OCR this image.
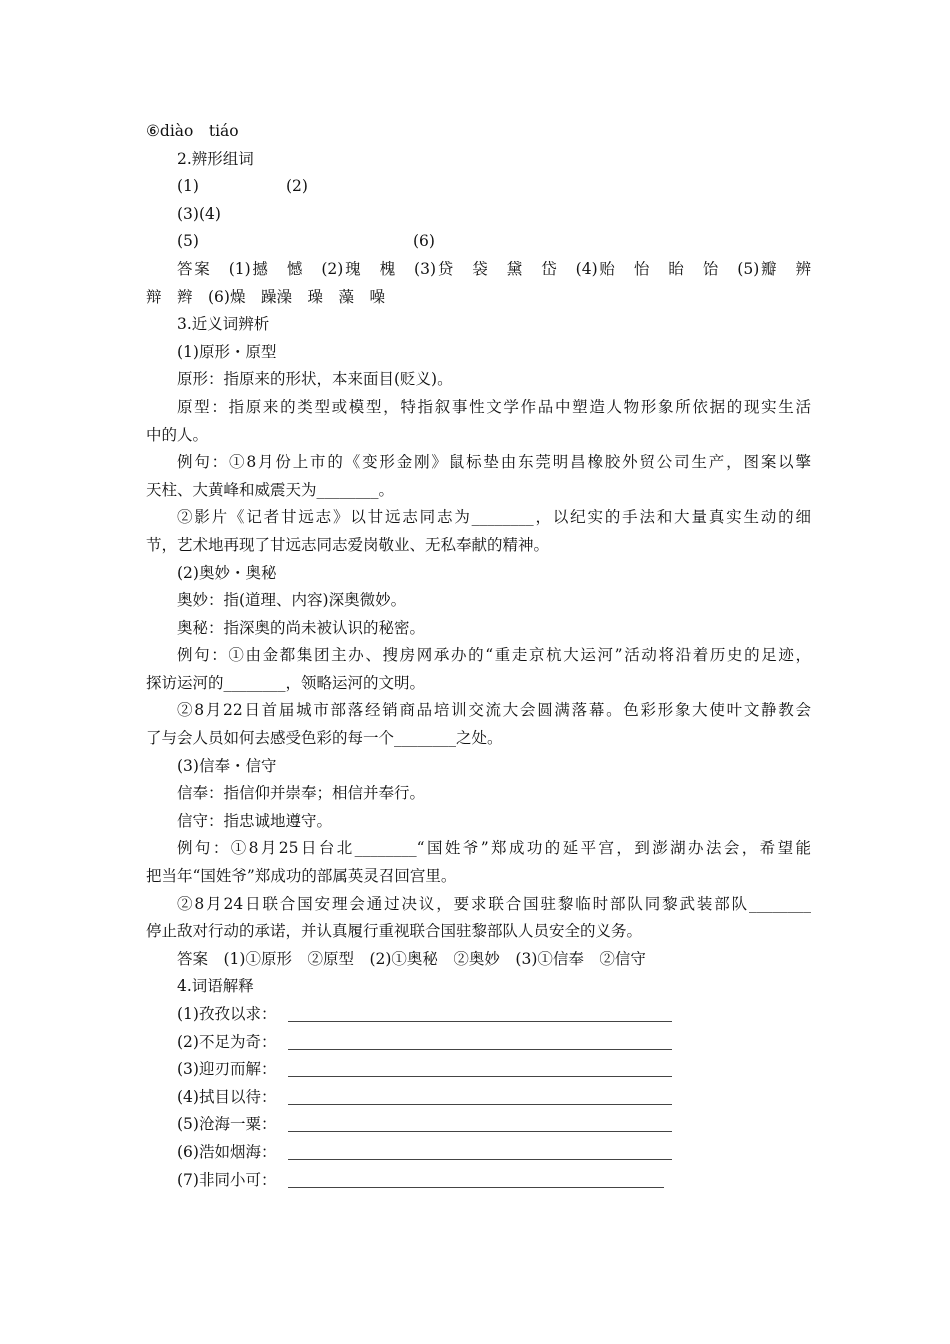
⑥diào　tiáo
2.辨形组词
(1)	(2)
(3)(4)
(5)	(6)
答案　(1)撼　憾　(2)瑰　槐　(3)贷　袋　黛　岱　(4)贻　怡　眙　饴　(5)瓣　辨
辩　辫　(6)燥　躁澡　璪　藻　噪
3.近义词辨析
(1)原形・原型
原形：指原来的形状，本来面目(贬义)。
原型：指原来的类型或模型，特指叙事性文学作品中塑造人物形象所依据的现实生活
中的人。
例句：①8月份上市的《变形金刚》鼠标垫由东莞明昌橡胶外贸公司生产，图案以擎
天柱、大黄峰和威震天为________。
②影片《记者甘远志》以甘远志同志为________，以纪实的手法和大量真实生动的细
节，艺术地再现了甘远志同志爱岗敬业、无私奉献的精神。
(2)奥妙・奥秘
奥妙：指(道理、内容)深奥微妙。
奥秘：指深奥的尚未被认识的秘密。
例句：①由金都集团主办、搜房网承办的“重走京杭大运河”活动将沿着历史的足迹，
探访运河的________，领略运河的文明。
②8月22日首届城市部落经销商品培训交流大会圆满落幕。色彩形象大使叶文静教会
了与会人员如何去感受色彩的每一个________之处。
(3)信奉・信守
信奉：指信仰并崇奉；相信并奉行。
信守：指忠诚地遵守。
例句：①8月25日台北________“国姓爷”郑成功的延平宫，到澎湖办法会，希望能
把当年“国姓爷”郑成功的部属英灵召回宫里。
②8月24日联合国安理会通过决议，要求联合国驻黎临时部队同黎武装部队________
停止敌对行动的承诺，并认真履行重视联合国驻黎部队人员安全的义务。
答案　(1)①原形　②原型　(2)①奥秘　②奥妙　(3)①信奉　②信守
4.词语解释
(1)孜孜以求：
(2)不足为奇：
(3)迎刃而解：
(4)拭目以待：
(5)沧海一粟：
(6)浩如烟海：
(7)非同小可：
